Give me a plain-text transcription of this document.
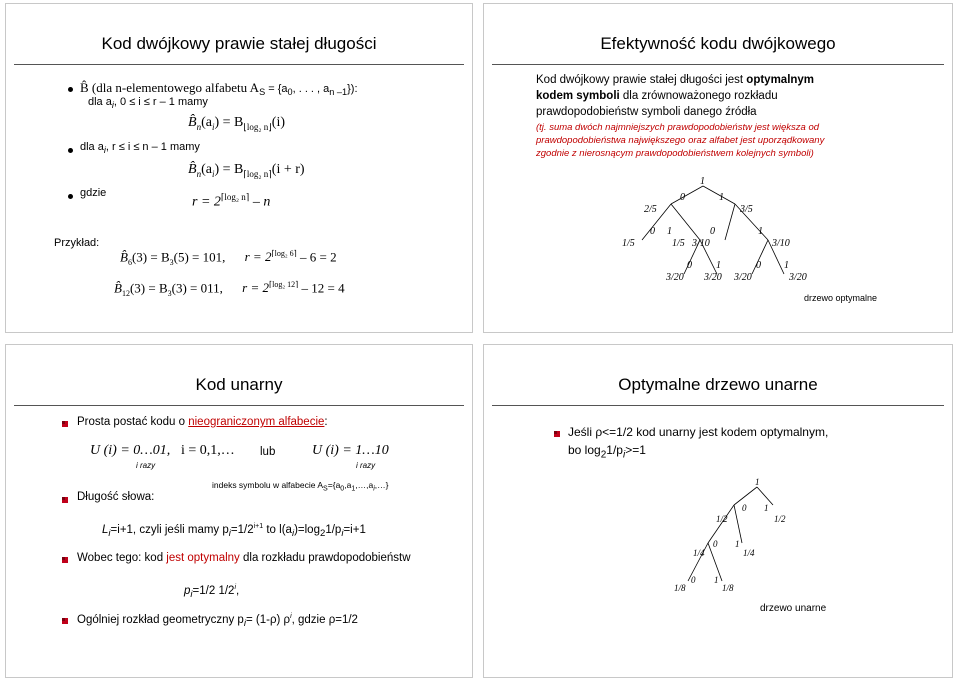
Kod dwójkowy prawie stałej długości
B̂ (dla n-elementowego alfabetu $A_S = \{a_0$, . . . , $a_{n -1}$}):
dla $a_i$, 0 ≤ i ≤ r – 1 mamy
$B̂_n(a_i) = B_{⌊log_2 n⌋}(i)$
dla $a_i$, r ≤ i ≤ n – 1 mamy
$B̂_n(a_i) = B_{⌈log_2 n⌉}(i + r)$
gdzie
$r = 2^{⌈log_2 n⌉} - n$
Przykład:
$B̂_6(3) = B_3(5) = 101$, $r = 2^{⌈log_2 6⌉} - 6 = 2$
$B̂_{12}(3) = B_3(3) = 011$, $r = 2^{⌈log_2 12⌉} - 12 = 4$
Efektywność kodu dwójkowego
Kod dwójkowy prawie stałej długości jest optymalnym
kodem symboli dla zrównoważonego rozkładu
prawdopodobieństw symboli danego źródła
(tj. suma dwóch najmniejszych prawdopodobieństw jest większa od
prawdopodobieństwa największego oraz alfabet jest uporządkowany
zgodnie z nierosnącym prawdopodobieństwem kolejnych symboli)
1
0	1
2/5	3/5
0 1	0	1
1/5	1/5 3/10	3/10
0 1	0 1
3/20 3/20 3/20	3/20
drzewo optymalne
Kod unarny
Prosta postać kodu o nieograniczonym alfabecie:
U (i) = 0…01,
i razy
i = 0,1,… lub	U (i) = 1…10
i razy
indeks symbolu w alfabecie $A_S=\{a_0,a_1,\dots,a_i,\dots\}$
Długość słowa:
$L_i=i+1$, czyli jeśli mamy $p_i=1/2^{i+1}$ to $l(a_i)=\log_21/p_i=i+1$
Wobec tego: kod jest optymalny dla rozkładu prawdopodobieństw
$p_i=1/2$ 1/2$^i$,
Ogólniej rozkład geometryczny $p_i= (1-\rho)$ $\rho^i$, gdzie ρ=1/2
Optymalne drzewo unarne
Jeśli ρ<=1/2 kod unarny jest kodem optymalnym,
bo $\log_21/p_i>=1$
1
0 1
1/2	1/2
0 1
1/4	1/4
0 1
1/8	1/8
drzewo unarne
